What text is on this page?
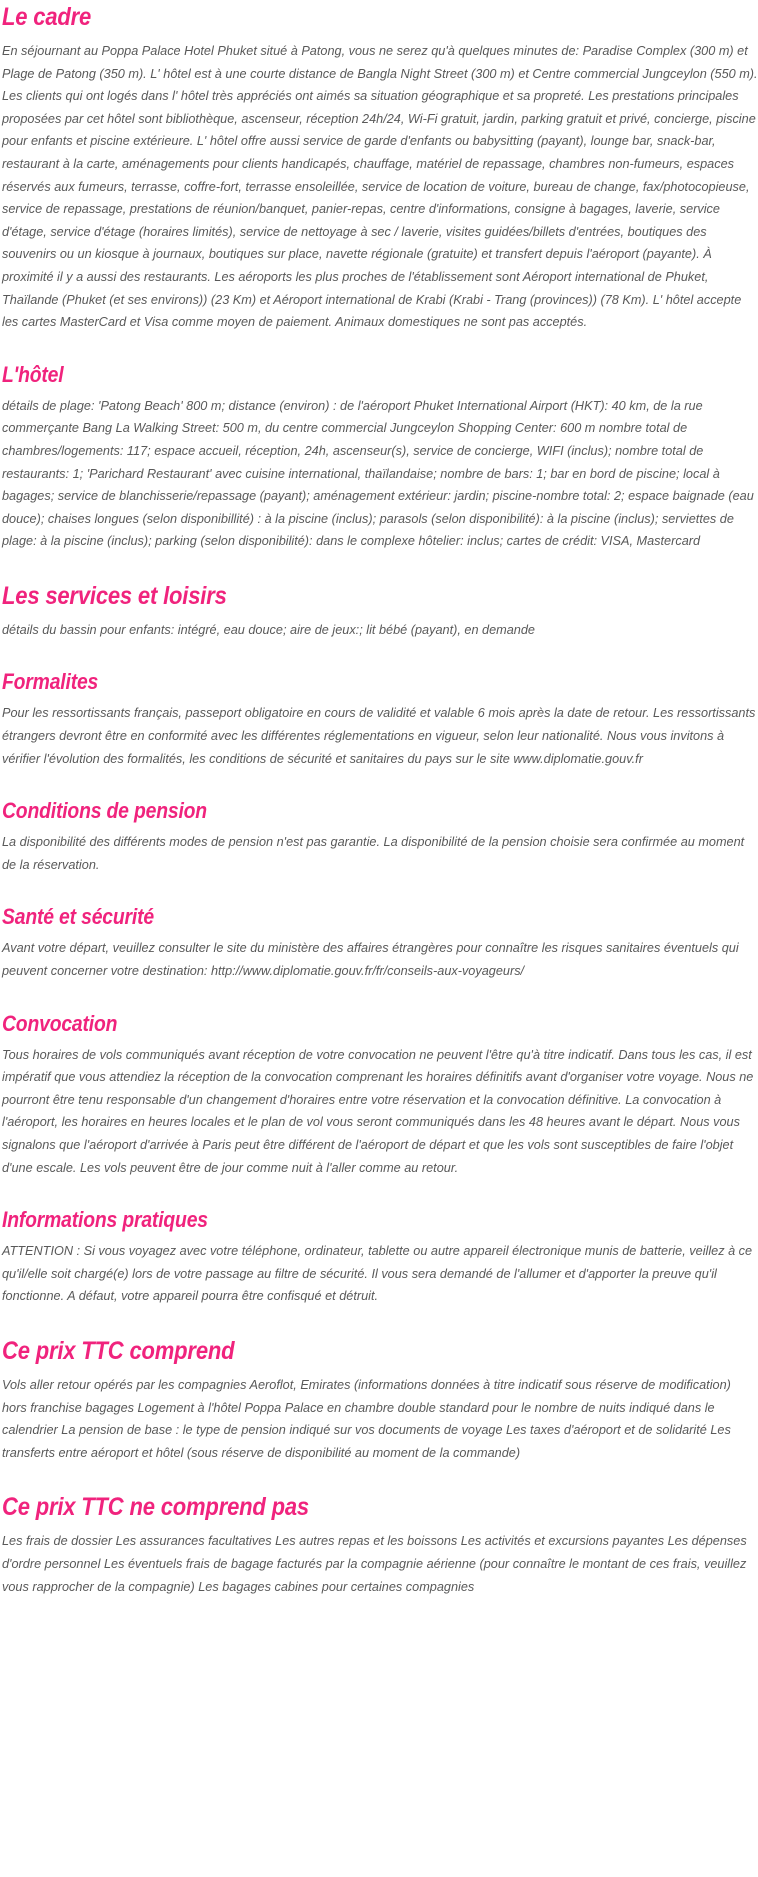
Le cadre

En séjournant au Poppa Palace Hotel Phuket situé à Patong, vous ne serez qu'à quelques minutes de: Paradise Complex (300 m) et Plage de Patong (350 m). L' hôtel est à une courte distance de Bangla Night Street (300 m) et Centre commercial Jungceylon (550 m). Les clients qui ont logés dans l' hôtel très appréciés ont aimés sa situation géographique et sa propreté. Les prestations principales proposées par cet hôtel sont bibliothèque, ascenseur, réception 24h/24, Wi-Fi gratuit, jardin, parking gratuit et privé, concierge, piscine pour enfants et piscine extérieure. L' hôtel offre aussi service de garde d'enfants ou babysitting (payant), lounge bar, snack-bar, restaurant à la carte, aménagements pour clients handicapés, chauffage, matériel de repassage, chambres non-fumeurs, espaces réservés aux fumeurs, terrasse, coffre-fort, terrasse ensoleillée, service de location de voiture, bureau de change, fax/photocopieuse, service de repassage, prestations de réunion/banquet, panier-repas, centre d'informations, consigne à bagages, laverie, service d'étage, service d'étage (horaires limités), service de nettoyage à sec / laverie, visites guidées/billets d'entrées, boutiques des souvenirs ou un kiosque à journaux, boutiques sur place, navette régionale (gratuite) et transfert depuis l'aéroport (payante). À proximité il y a aussi des restaurants. Les aéroports les plus proches de l'établissement sont Aéroport international de Phuket, Thaïlande (Phuket (et ses environs)) (23 Km) et Aéroport international de Krabi (Krabi - Trang (provinces)) (78 Km). L' hôtel accepte les cartes MasterCard et Visa comme moyen de paiement. Animaux domestiques ne sont pas acceptés.

L'hôtel

détails de plage: 'Patong Beach' 800 m; distance (environ) : de l'aéroport Phuket International Airport (HKT): 40 km, de la rue commerçante Bang La Walking Street: 500 m, du centre commercial Jungceylon Shopping Center: 600 m nombre total de chambres/logements: 117; espace accueil, réception, 24h, ascenseur(s), service de concierge, WIFI (inclus); nombre total de restaurants: 1; 'Parichard Restaurant' avec cuisine international, thaïlandaise; nombre de bars: 1; bar en bord de piscine; local à bagages; service de blanchisserie/repassage (payant); aménagement extérieur: jardin; piscine-nombre total: 2; espace baignade (eau douce); chaises longues (selon disponibillité) : à la piscine (inclus); parasols (selon disponibilité): à la piscine (inclus); serviettes de plage: à la piscine (inclus); parking (selon disponibilité): dans le complexe hôtelier: inclus; cartes de crédit: VISA, Mastercard

Les services et loisirs

détails du bassin pour enfants: intégré, eau douce; aire de jeux:; lit bébé (payant), en demande

Formalites

Pour les ressortissants français, passeport obligatoire en cours de validité et valable 6 mois après la date de retour. Les ressortissants étrangers devront être en conformité avec les différentes réglementations en vigueur, selon leur nationalité. Nous vous invitons à vérifier l'évolution des formalités, les conditions de sécurité et sanitaires du pays sur le site www.diplomatie.gouv.fr

Conditions de pension

La disponibilité des différents modes de pension n'est pas garantie. La disponibilité de la pension choisie sera confirmée au moment de la réservation.

Santé et sécurité

Avant votre départ, veuillez consulter le site du ministère des affaires étrangères pour connaître les risques sanitaires éventuels qui peuvent concerner votre destination: http://www.diplomatie.gouv.fr/fr/conseils-aux-voyageurs/

Convocation

Tous horaires de vols communiqués avant réception de votre convocation ne peuvent l'être qu'à titre indicatif. Dans tous les cas, il est impératif que vous attendiez la réception de la convocation comprenant les horaires définitifs avant d'organiser votre voyage. Nous ne pourront être tenu responsable d'un changement d'horaires entre votre réservation et la convocation définitive. La convocation à l'aéroport, les horaires en heures locales et le plan de vol vous seront communiqués dans les 48 heures avant le départ. Nous vous signalons que l'aéroport d'arrivée à Paris peut être différent de l'aéroport de départ et que les vols sont susceptibles de faire l'objet d'une escale. Les vols peuvent être de jour comme nuit à l'aller comme au retour.

Informations pratiques

ATTENTION : Si vous voyagez avec votre téléphone, ordinateur, tablette ou autre appareil électronique munis de batterie, veillez à ce qu'il/elle soit chargé(e) lors de votre passage au filtre de sécurité. Il vous sera demandé de l'allumer et d'apporter la preuve qu'il fonctionne. A défaut, votre appareil pourra être confisqué et détruit.

Ce prix TTC comprend

Vols aller retour opérés par les compagnies Aeroflot, Emirates (informations données à titre indicatif sous réserve de modification) hors franchise bagages Logement à l'hôtel Poppa Palace en chambre double standard pour le nombre de nuits indiqué dans le calendrier La pension de base : le type de pension indiqué sur vos documents de voyage Les taxes d'aéroport et de solidarité Les transferts entre aéroport et hôtel (sous réserve de disponibilité au moment de la commande)

Ce prix TTC ne comprend pas

Les frais de dossier Les assurances facultatives Les autres repas et les boissons Les activités et excursions payantes Les dépenses d'ordre personnel Les éventuels frais de bagage facturés par la compagnie aérienne (pour connaître le montant de ces frais, veuillez vous rapprocher de la compagnie) Les bagages cabines pour certaines compagnies
